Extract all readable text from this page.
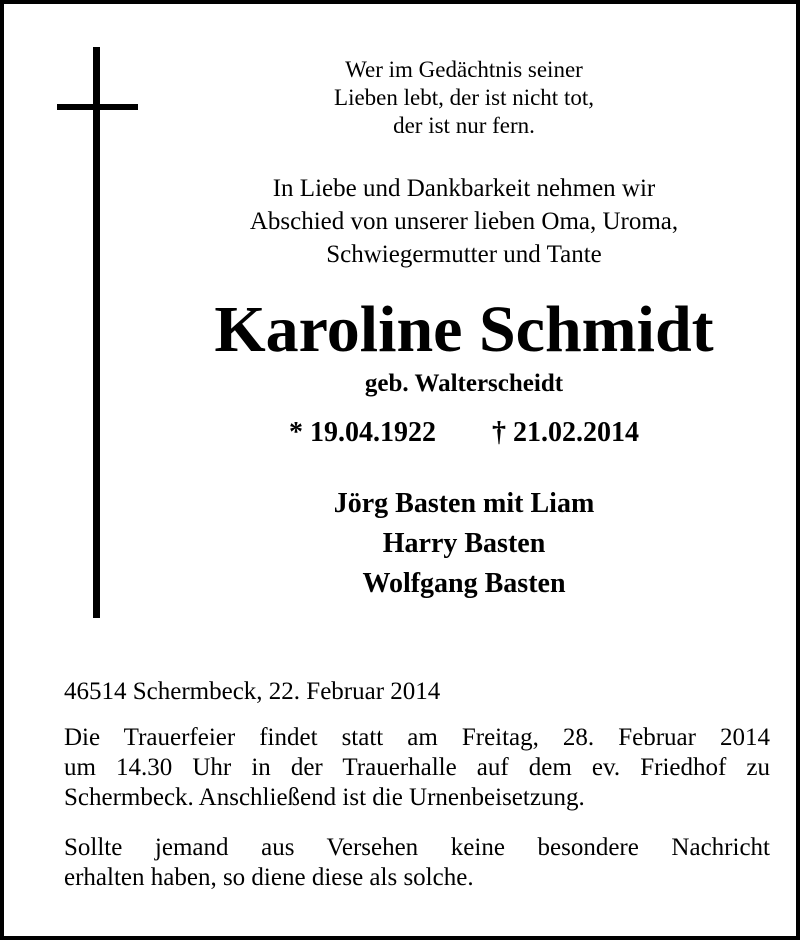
Wer im Gedächtnis seiner
Lieben lebt, der ist nicht tot,
der ist nur fern.
In Liebe und Dankbarkeit nehmen wir
Abschied von unserer lieben Oma, Uroma,
Schwiegermutter und Tante
Karoline Schmidt
geb. Walterscheidt
* 19.04.1922 † 21.02.2014
Jörg Basten mit Liam
Harry Basten
Wolfgang Basten
46514 Schermbeck, 22. Februar 2014
Die Trauerfeier findet statt am Freitag, 28. Februar 2014
um 14.30 Uhr in der Trauerhalle auf dem ev. Friedhof zu
Schermbeck. Anschließend ist die Urnenbeisetzung.
Sollte jemand aus Versehen keine besondere Nachricht
erhalten haben, so diene diese als solche.
